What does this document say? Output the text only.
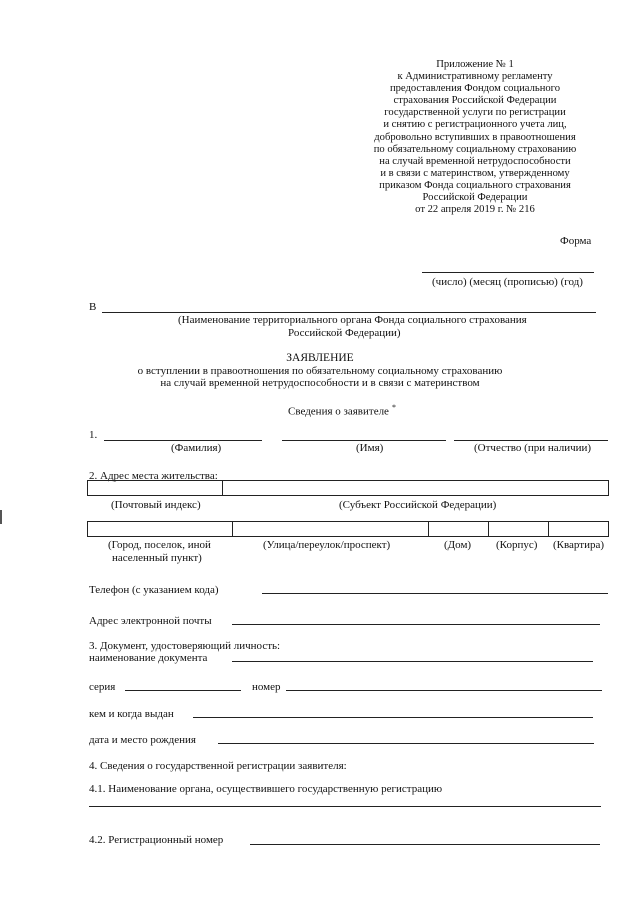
Приложение № 1
к Административному регламенту
предоставления Фондом социального
страхования Российской Федерации
государственной услуги по регистрации
и снятию с регистрационного учета лиц,
добровольно вступивших в правоотношения
по обязательному социальному страхованию
на случай временной нетрудоспособности
и в связи с материнством, утвержденному
приказом Фонда социального страхования
Российской Федерации
от 22 апреля 2019 г. № 216
Форма
(число) (месяц (прописью) (год)
В
(Наименование территориального органа Фонда социального страхования
Российской Федерации)
ЗАЯВЛЕНИЕ
о вступлении в правоотношения по обязательному социальному страхованию
на случай временной нетрудоспособности и в связи с материнством
Сведения о заявителе *
1.
(Фамилия)	(Имя)	(Отчество (при наличии)
2. Адрес места жительства:
(Почтовый индекс)	(Субъект Российской Федерации)
(Город, поселок, иной
населенный пункт)
(Улица/переулок/проспект)	(Дом) (Корпус) (Квартира)
Телефон (с указанием кода)
Адрес электронной почты
3. Документ, удостоверяющий личность:
наименование документа
серия	номер
кем и когда выдан
дата и место рождения
4. Сведения о государственной регистрации заявителя:
4.1. Наименование органа, осуществившего государственную регистрацию
4.2. Регистрационный номер
